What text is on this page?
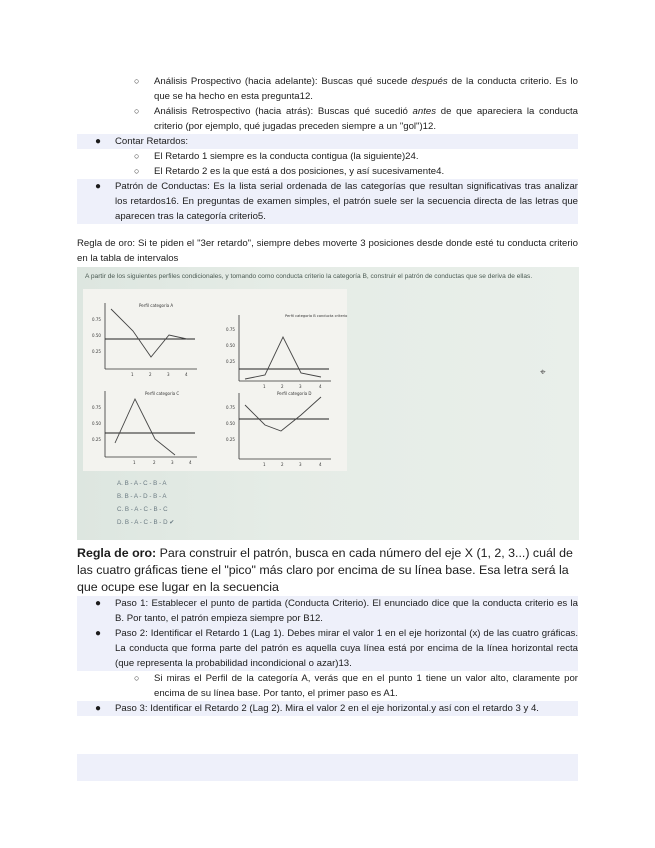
○ Análisis Prospectivo (hacia adelante): Buscas qué sucede después de la conducta criterio. Es lo que se ha hecho en esta pregunta12.
○ Análisis Retrospectivo (hacia atrás): Buscas qué sucedió antes de que apareciera la conducta criterio (por ejemplo, qué jugadas preceden siempre a un "gol")12.
● Contar Retardos:
○ El Retardo 1 siempre es la conducta contigua (la siguiente)24.
○ El Retardo 2 es la que está a dos posiciones, y así sucesivamente4.
● Patrón de Conductas: Es la lista serial ordenada de las categorías que resultan significativas tras analizar los retardos16. En preguntas de examen simples, el patrón suele ser la secuencia directa de las letras que aparecen tras la categoría criterio5.
Regla de oro: Si te piden el "3er retardo", siempre debes moverte 3 posiciones desde donde esté tu conducta criterio en la tabla de intervalos
A partir de los siguientes perfiles condicionales, y tomando como conducta criterio la categoría B, construir el patrón de conductas que se deriva de ellas.
Perfil categoría A
0.75
0.50
0.25
1	2	3	4
Perfil categoría B conducta criterio
0.75
0.50
0.25
1	2	3	4
Perfil categoría C
0.75
0.50
0.25
1	2	3	4
Perfil categoría D
0.75
0.50
0.25
1	2	3	4
A. B - A - C - B - A
B. B - A - D - B - A
C. B - A - C - B - C
D. B - A - C - B - D ✔
⌖
Regla de oro: Para construir el patrón, busca en cada número del eje X (1, 2, 3...) cuál de las cuatro gráficas tiene el "pico" más claro por encima de su línea base. Esa letra será la que ocupe ese lugar en la secuencia
● Paso 1: Establecer el punto de partida (Conducta Criterio). El enunciado dice que la conducta criterio es la B. Por tanto, el patrón empieza siempre por B12.
● Paso 2: Identificar el Retardo 1 (Lag 1). Debes mirar el valor 1 en el eje horizontal (x) de las cuatro gráficas. La conducta que forma parte del patrón es aquella cuya línea está por encima de la línea horizontal recta (que representa la probabilidad incondicional o azar)13.
○ Si miras el Perfil de la categoría A, verás que en el punto 1 tiene un valor alto, claramente por encima de su línea base. Por tanto, el primer paso es A1.
● Paso 3: Identificar el Retardo 2 (Lag 2). Mira el valor 2 en el eje horizontal.y así con el retardo 3 y 4.
